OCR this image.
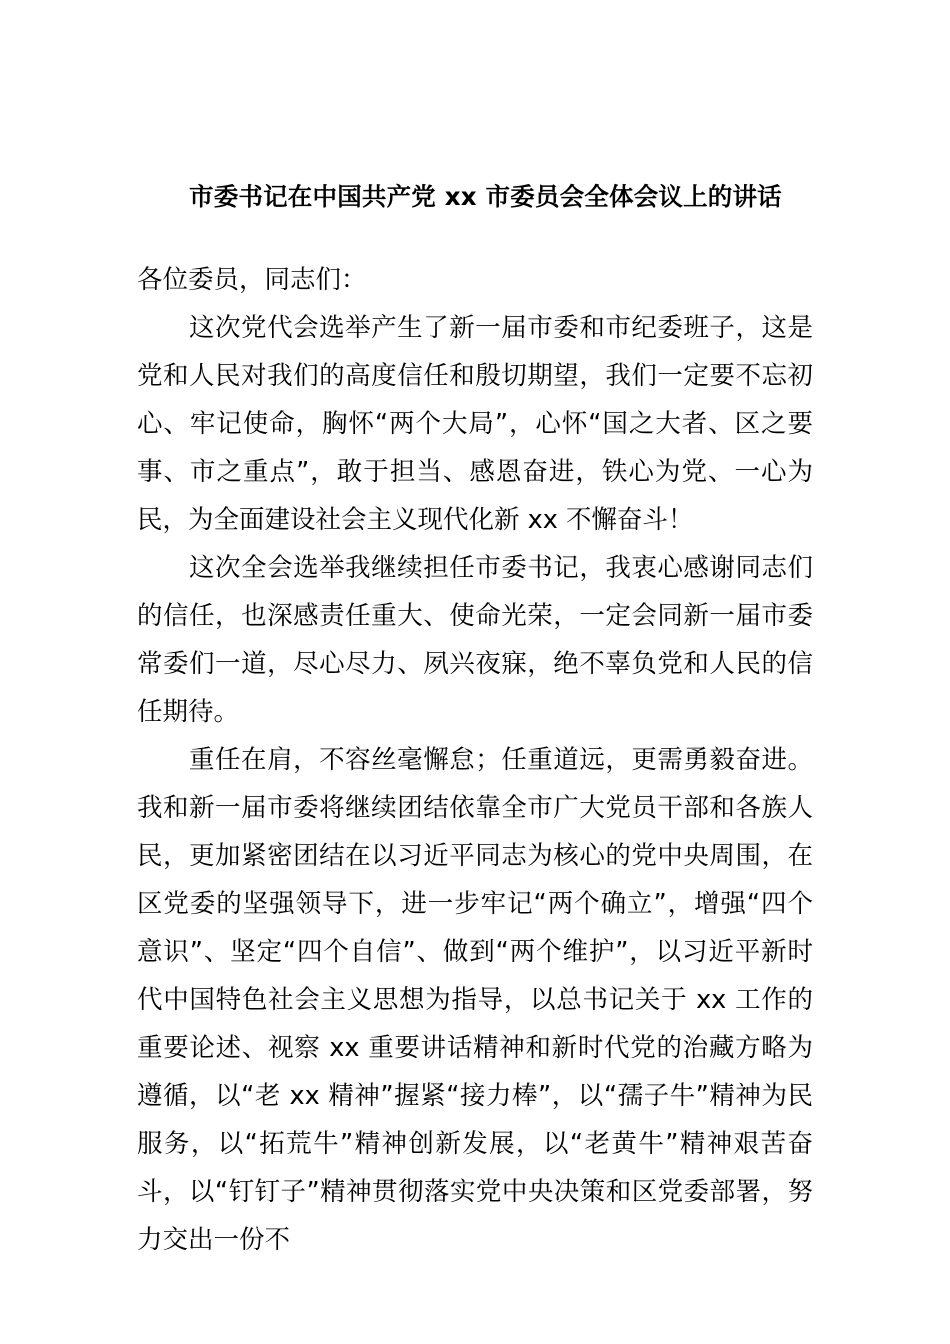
市委书记在中国共产党 xx 市委员会全体会议上的讲话

各位委员，同志们：

这次党代会选举产生了新一届市委和市纪委班子，这是党和人民对我们的高度信任和殷切期望，我们一定要不忘初心、牢记使命，胸怀“两个大局”，心怀“国之大者、区之要事、市之重点”，敢于担当、感恩奋进，铁心为党、一心为民，为全面建设社会主义现代化新 xx 不懈奋斗！

这次全会选举我继续担任市委书记，我衷心感谢同志们的信任，也深感责任重大、使命光荣，一定会同新一届市委常委们一道，尽心尽力、夙兴夜寐，绝不辜负党和人民的信任期待。

重任在肩，不容丝毫懈怠；任重道远，更需勇毅奋进。我和新一届市委将继续团结依靠全市广大党员干部和各族人民，更加紧密团结在以习近平同志为核心的党中央周围，在区党委的坚强领导下，进一步牢记“两个确立”，增强“四个意识”、坚定“四个自信”、做到“两个维护”，以习近平新时代中国特色社会主义思想为指导，以总书记关于 xx 工作的重要论述、视察 xx 重要讲话精神和新时代党的治藏方略为遵循，以“老 xx 精神”握紧“接力棒”，以“孺子牛”精神为民服务，以“拓荒牛”精神创新发展，以“老黄牛”精神艰苦奋斗，以“钉钉子”精神贯彻落实党中央决策和区党委部署，努力交出一份不
